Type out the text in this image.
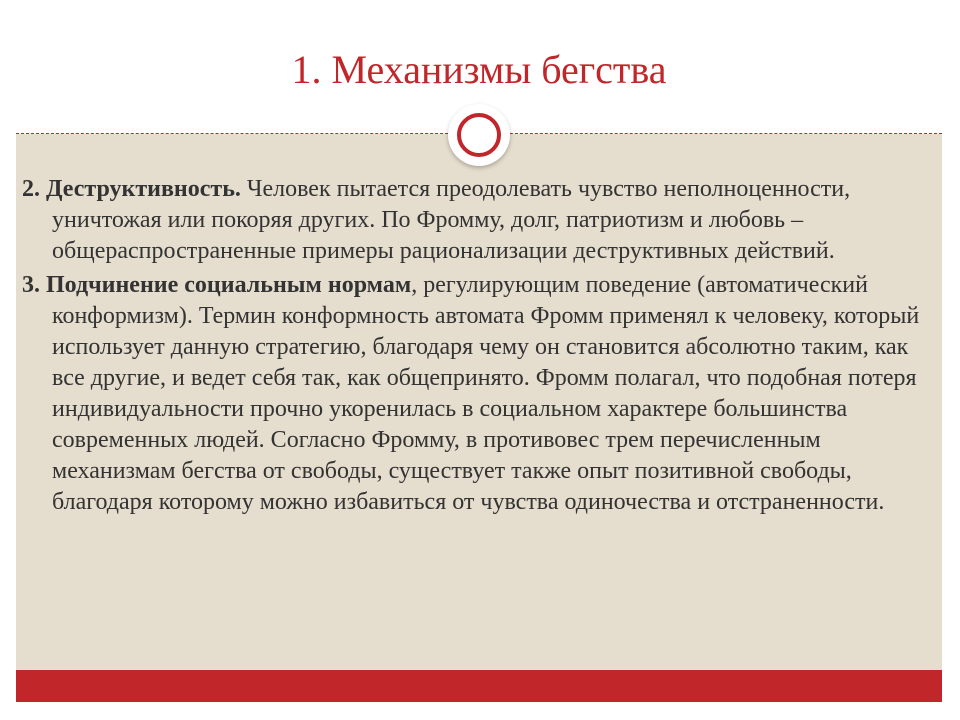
1. Механизмы бегства

2. Деструктивность. Человек пытается преодолевать чувство неполноценности, уничтожая или покоряя других. По Фромму, долг, патриотизм и любовь – общераспространенные примеры рационализации деструктивных действий.

3. Подчинение социальным нормам, регулирующим поведение (автоматический конформизм). Термин конформность автомата Фромм применял к человеку, который использует данную стратегию, благодаря чему он становится абсолютно таким, как все другие, и ведет себя так, как общепринято. Фромм полагал, что подобная потеря индивидуальности прочно укоренилась в социальном характере большинства современных людей. Согласно Фромму, в противовес трем перечисленным механизмам бегства от свободы, существует также опыт позитивной свободы, благодаря которому можно избавиться от чувства одиночества и отстраненности.
